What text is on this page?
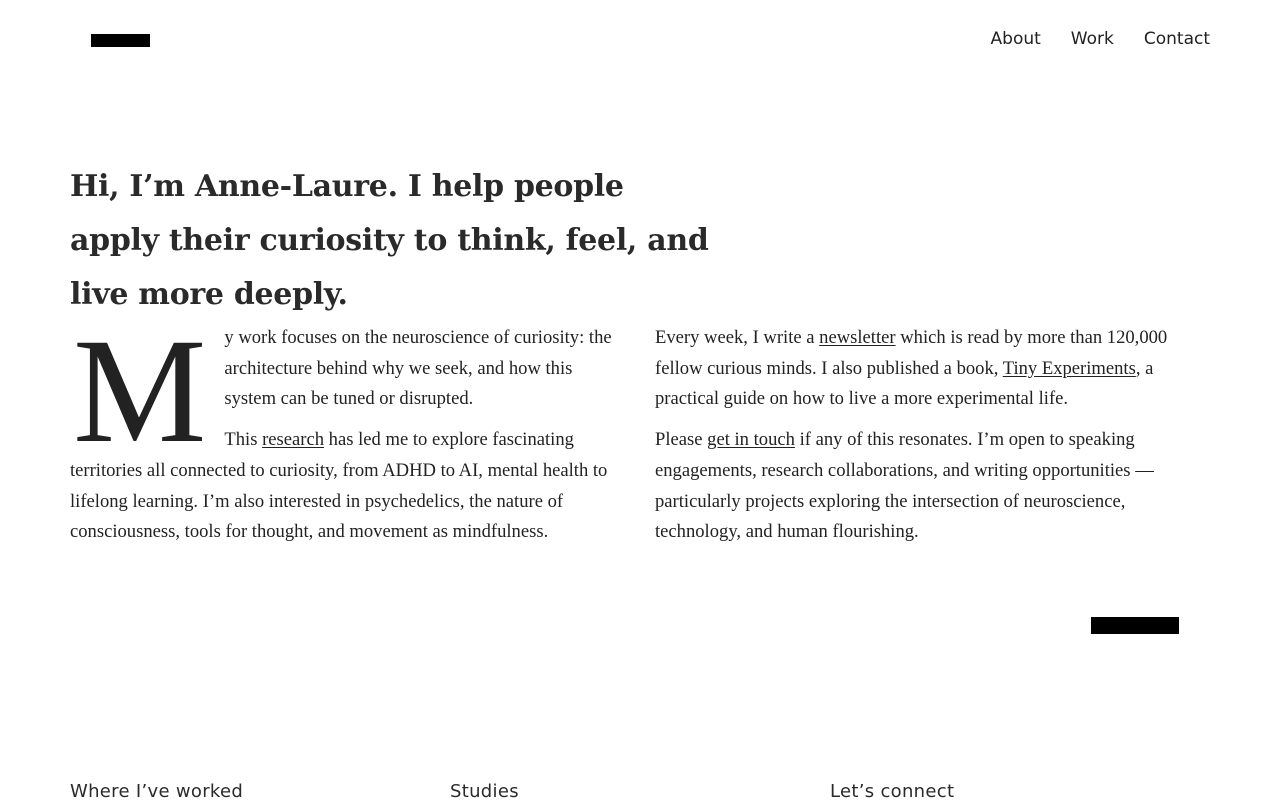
About Work Contact
Hi, I’m Anne-Laure. I help people apply their curiosity to think, feel, and live more deeply.

My work focuses on the neuroscience of curiosity: the architecture behind why we seek, and how this system can be tuned or disrupted.

This research has led me to explore fascinating territories all connected to curiosity, from ADHD to AI, mental health to lifelong learning. I’m also interested in psychedelics, the nature of consciousness, tools for thought, and movement as mindfulness.

Every week, I write a newsletter which is read by more than 120,000 fellow curious minds. I also published a book, Tiny Experiments, a practical guide on how to live a more experimental life.

Please get in touch if any of this resonates. I’m open to speaking engagements, research collaborations, and writing opportunities — particularly projects exploring the intersection of neuroscience, technology, and human flourishing.

Where I’ve worked	Studies	Let’s connect
